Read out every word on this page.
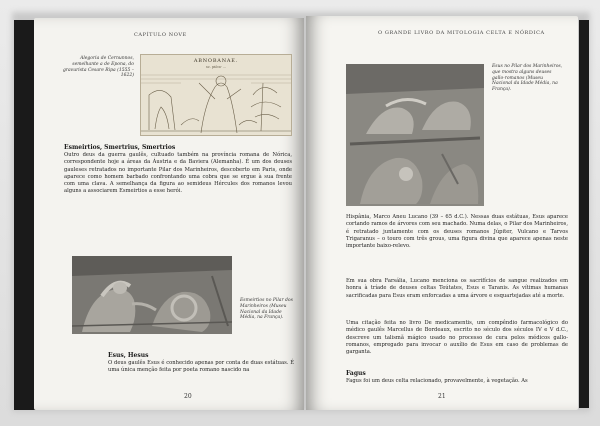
CAPÍTULO NOVE
Alegoria de Cernunnos, semelhante a de Epona, do gravurista Cesare Ripa (1555 – 1622)
ABNOBANAE.
sc. pièce ...
Esmeirtios, Smertrius, Smertrios
Outro deus da guerra gaulês, cultuado também na província romana de Nórica, correspondente hoje a áreas da Áustria e da Baviera (Alemanha). É um dos deuses gauleses retratados no importante Pilar dos Marinheiros, descoberto em Paris, onde aparece como homem barbado confrontando uma cobra que se ergue à sua frente com uma clava. A semelhança da figura ao semideus Hércules dos romanos levou alguns a associarem Esmeirtios a esse herói.
Esmeirtios no Pilar dos Marinheiros (Museu Nacional da Idade Média, na França).
Esus, Hesus
O deus gaulês Esus é conhecido apenas por conta de duas estátuas. É uma única menção feita por poeta romano nascido na
20
O GRANDE LIVRO DA MITOLOGIA CELTA E NÓRDICA
Esus no Pilar dos Marinheiros, que mostra alguns deuses gallo-romanos (Museu Nacional da Idade Média, na França).
Hispânia, Marco Aneu Lucano (39 – 65 d.C.). Nessas duas estátuas, Esus aparece cortando ramos de árvores com seu machado. Numa delas, o Pilar dos Marinheiros, é retratado juntamente com os deuses romanos Júpiter, Vulcano e Tarvos Trigaranus – o touro com três grous, uma figura divina que aparece apenas neste importante baixo-relevo.
Em sua obra Farsália, Lucano menciona os sacrifícios de sangue realizados em honra à tríade de deuses celtas Teútates, Esus e Taranis. As vítimas humanas sacrificadas para Esus eram enforcadas a uma árvore e esquartejadas até a morte.
Uma citação feita no livro De medicamentis, um compêndio farmacológico do médico gaulês Marcellus de Bordeaux, escrito no século dos séculos IV e V d.C., descreve um talismã mágico usado no processo de cura pelos médicos gallo-romanos, empregado para invocar o auxílio de Esus em caso de problemas de garganta.
Fagus
Fagus foi um deus celta relacionado, provavelmente, à vegetação. As
21
